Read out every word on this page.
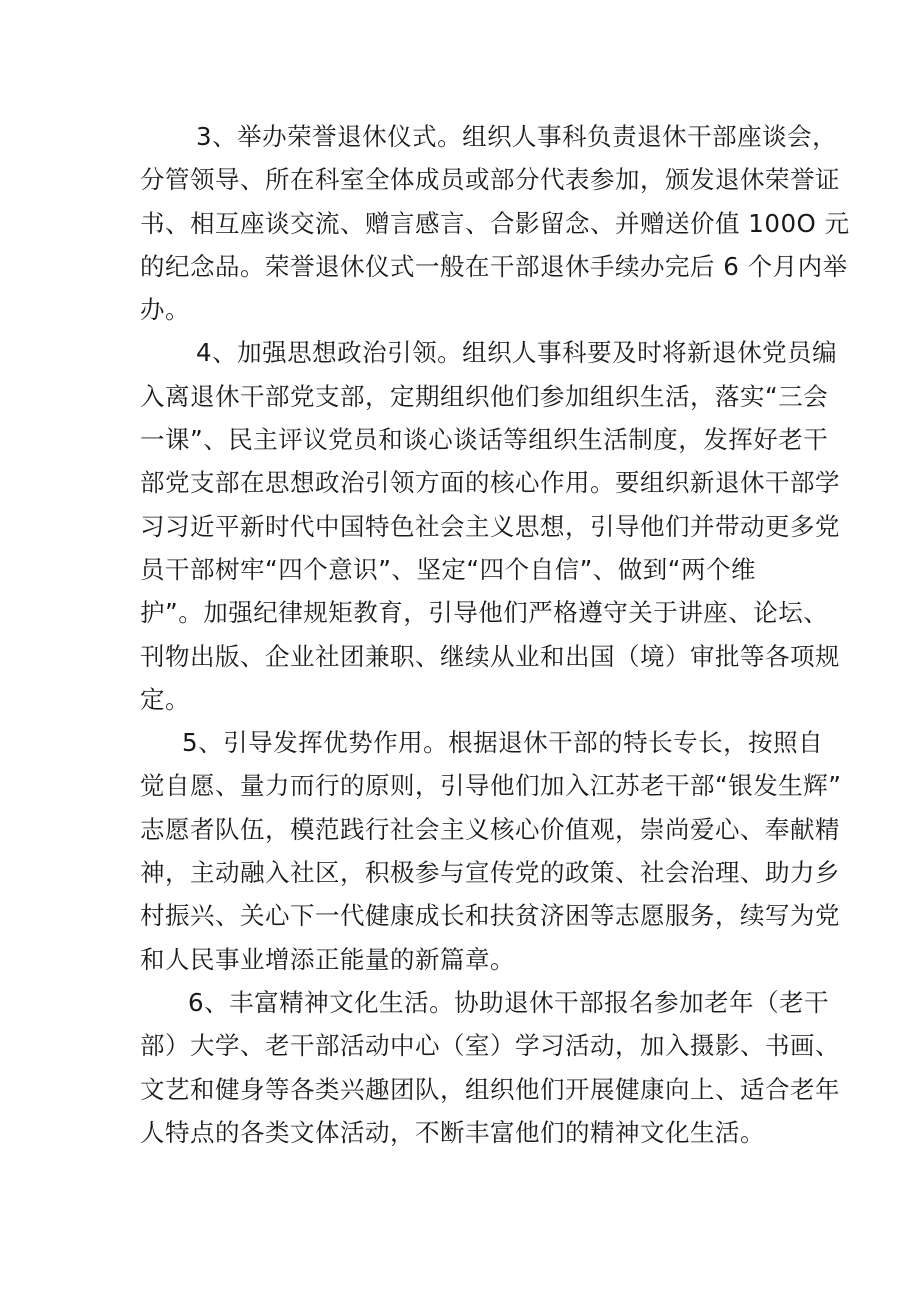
3、举办荣誉退休仪式。组织人事科负责退休干部座谈会，
分管领导、所在科室全体成员或部分代表参加，颁发退休荣誉证
书、相互座谈交流、赠言感言、合影留念、并赠送价值 100O 元
的纪念品。荣誉退休仪式一般在干部退休手续办完后 6 个月内举
办。

4、加强思想政治引领。组织人事科要及时将新退休党员编
入离退休干部党支部，定期组织他们参加组织生活，落实“三会
一课”、民主评议党员和谈心谈话等组织生活制度，发挥好老干
部党支部在思想政治引领方面的核心作用。要组织新退休干部学
习习近平新时代中国特色社会主义思想，引导他们并带动更多党
员干部树牢“四个意识”、坚定“四个自信”、做到“两个维
护”。加强纪律规矩教育，引导他们严格遵守关于讲座、论坛、
刊物出版、企业社团兼职、继续从业和出国（境）审批等各项规
定。

5、引导发挥优势作用。根据退休干部的特长专长，按照自
觉自愿、量力而行的原则，引导他们加入江苏老干部“银发生辉”
志愿者队伍，模范践行社会主义核心价值观，崇尚爱心、奉献精
神，主动融入社区，积极参与宣传党的政策、社会治理、助力乡
村振兴、关心下一代健康成长和扶贫济困等志愿服务，续写为党
和人民事业增添正能量的新篇章。

6、丰富精神文化生活。协助退休干部报名参加老年（老干
部）大学、老干部活动中心（室）学习活动，加入摄影、书画、
文艺和健身等各类兴趣团队，组织他们开展健康向上、适合老年
人特点的各类文体活动，不断丰富他们的精神文化生活。
